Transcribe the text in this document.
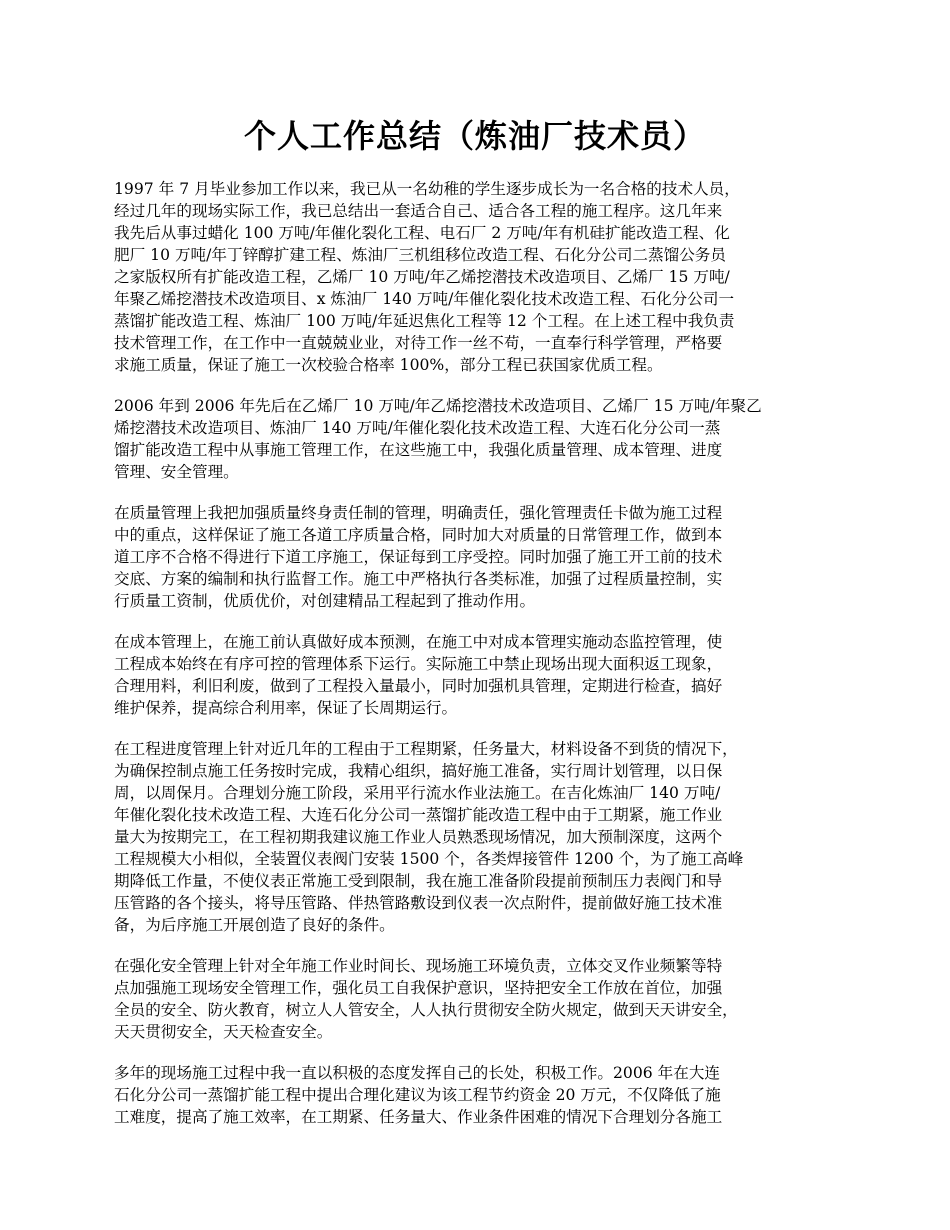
个人工作总结（炼油厂技术员）

1997 年 7 月毕业参加工作以来，我已从一名幼稚的学生逐步成长为一名合格的技术人员，
经过几年的现场实际工作，我已总结出一套适合自己、适合各工程的施工程序。这几年来
我先后从事过蜡化 100 万吨/年催化裂化工程、电石厂 2 万吨/年有机硅扩能改造工程、化
肥厂 10 万吨/年丁锌醇扩建工程、炼油厂三机组移位改造工程、石化分公司二蒸馏公务员
之家版权所有扩能改造工程，乙烯厂 10 万吨/年乙烯挖潜技术改造项目、乙烯厂 15 万吨/
年聚乙烯挖潜技术改造项目、x 炼油厂 140 万吨/年催化裂化技术改造工程、石化分公司一
蒸馏扩能改造工程、炼油厂 100 万吨/年延迟焦化工程等 12 个工程。在上述工程中我负责
技术管理工作，在工作中一直兢兢业业，对待工作一丝不苟，一直奉行科学管理，严格要
求施工质量，保证了施工一次校验合格率 100%，部分工程已获国家优质工程。

2006 年到 2006 年先后在乙烯厂 10 万吨/年乙烯挖潜技术改造项目、乙烯厂 15 万吨/年聚乙
烯挖潜技术改造项目、炼油厂 140 万吨/年催化裂化技术改造工程、大连石化分公司一蒸
馏扩能改造工程中从事施工管理工作，在这些施工中，我强化质量管理、成本管理、进度
管理、安全管理。

在质量管理上我把加强质量终身责任制的管理，明确责任，强化管理责任卡做为施工过程
中的重点，这样保证了施工各道工序质量合格，同时加大对质量的日常管理工作，做到本
道工序不合格不得进行下道工序施工，保证每到工序受控。同时加强了施工开工前的技术
交底、方案的编制和执行监督工作。施工中严格执行各类标准，加强了过程质量控制，实
行质量工资制，优质优价，对创建精品工程起到了推动作用。

在成本管理上，在施工前认真做好成本预测，在施工中对成本管理实施动态监控管理，使
工程成本始终在有序可控的管理体系下运行。实际施工中禁止现场出现大面积返工现象，
合理用料，利旧利废，做到了工程投入量最小，同时加强机具管理，定期进行检查，搞好
维护保养，提高综合利用率，保证了长周期运行。

在工程进度管理上针对近几年的工程由于工程期紧，任务量大，材料设备不到货的情况下，
为确保控制点施工任务按时完成，我精心组织，搞好施工准备，实行周计划管理，以日保
周，以周保月。合理划分施工阶段，采用平行流水作业法施工。在吉化炼油厂 140 万吨/
年催化裂化技术改造工程、大连石化分公司一蒸馏扩能改造工程中由于工期紧，施工作业
量大为按期完工，在工程初期我建议施工作业人员熟悉现场情况，加大预制深度，这两个
工程规模大小相似，全装置仪表阀门安装 1500 个，各类焊接管件 1200 个，为了施工高峰
期降低工作量，不使仪表正常施工受到限制，我在施工准备阶段提前预制压力表阀门和导
压管路的各个接头，将导压管路、伴热管路敷设到仪表一次点附件，提前做好施工技术准
备，为后序施工开展创造了良好的条件。

在强化安全管理上针对全年施工作业时间长、现场施工环境负责，立体交叉作业频繁等特
点加强施工现场安全管理工作，强化员工自我保护意识，坚持把安全工作放在首位，加强
全员的安全、防火教育，树立人人管安全，人人执行贯彻安全防火规定，做到天天讲安全，
天天贯彻安全，天天检查安全。

多年的现场施工过程中我一直以积极的态度发挥自己的长处，积极工作。2006 年在大连
石化分公司一蒸馏扩能工程中提出合理化建议为该工程节约资金 20 万元，不仅降低了施
工难度，提高了施工效率，在工期紧、任务量大、作业条件困难的情况下合理划分各施工
